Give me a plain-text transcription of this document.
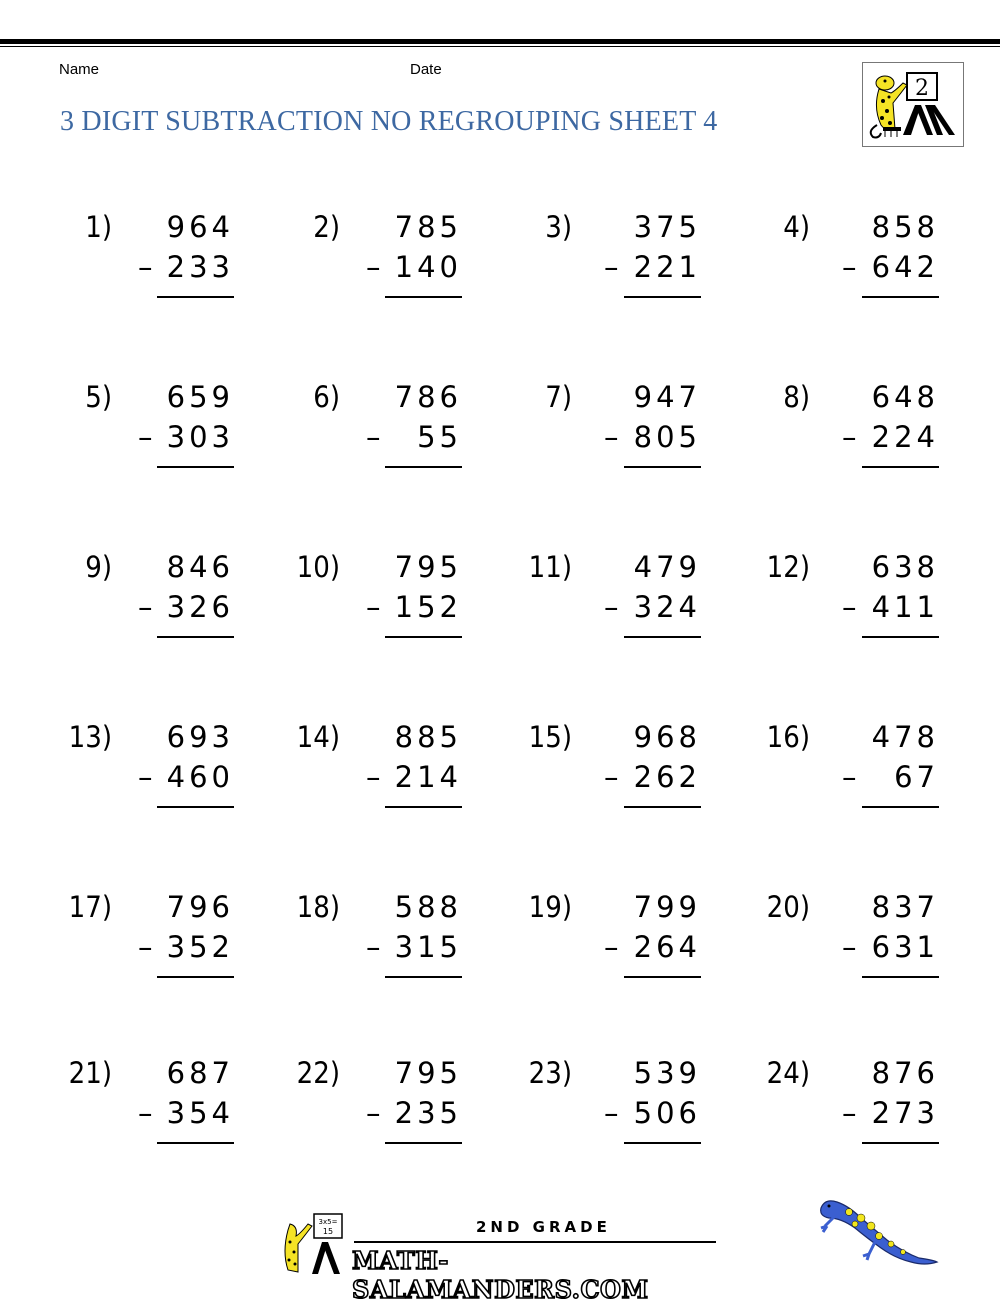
Name	Date
3 DIGIT SUBTRACTION NO REGROUPING SHEET 4
2
1)	964
– 233
2)	785
– 140
3)	375
– 221
4)	858
– 642
5)	659
– 303
6)	786
–	55
7)	947
– 805
8)	648
– 224
9)	846
– 326
10)	795
– 152
11)	479
– 324
12)	638
– 411
13)	693
– 460
14)	885
– 214
15)	968
– 262
16)	478
–	67
17)	796
– 352
18)	588
– 315
19)	799
– 264
20)	837
– 631
21)	687
– 354
22)	795
– 235
23)	539
– 506
24)	876
– 273
3x5=
15	2ND GRADE
MATH-SALAMANDERS.COM
